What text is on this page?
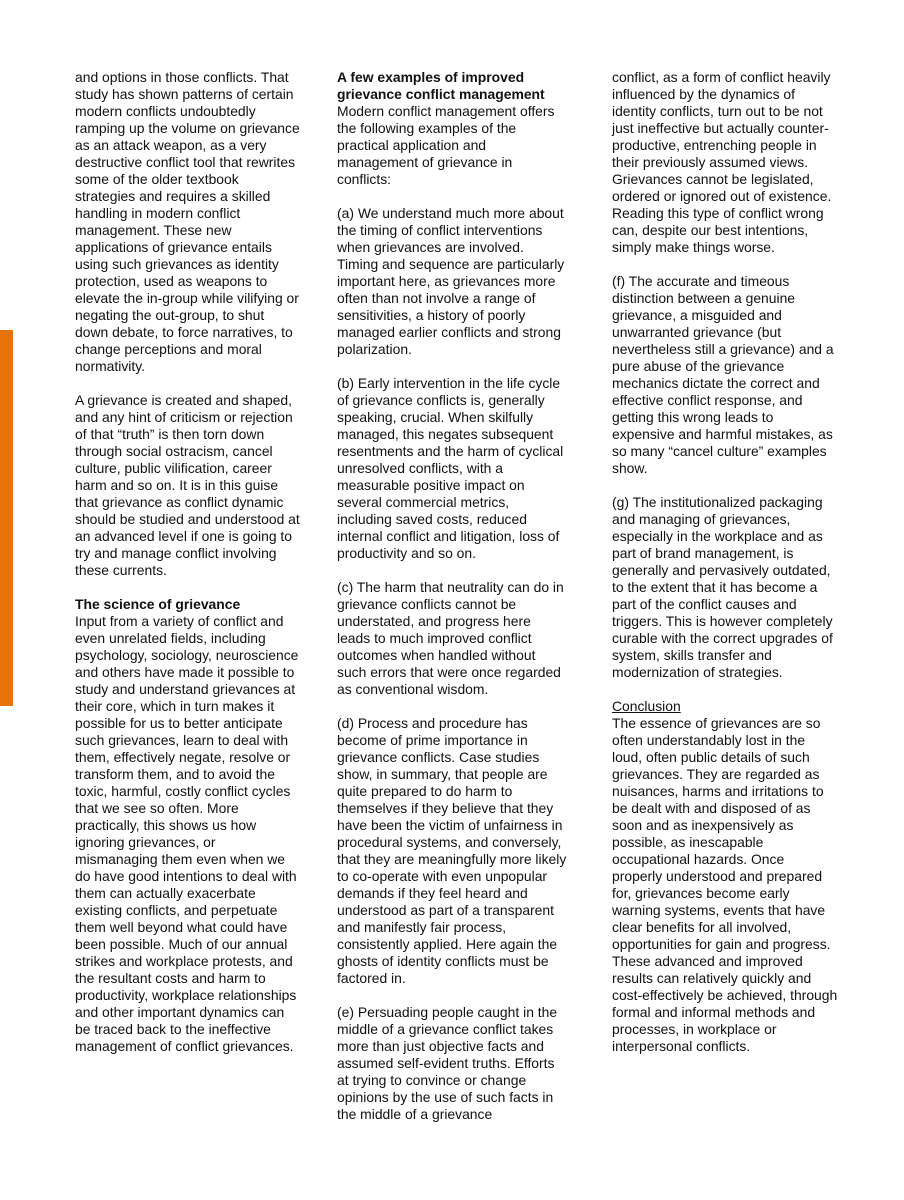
and options in those conflicts. That study has shown patterns of certain modern conflicts undoubtedly ramping up the volume on grievance as an attack weapon, as a very destructive conflict tool that rewrites some of the older textbook strategies and requires a skilled handling in modern conflict management. These new applications of grievance entails using such grievances as identity protection, used as weapons to elevate the in-group while vilifying or negating the out-group, to shut down debate, to force narratives, to change perceptions and moral normativity.

A grievance is created and shaped, and any hint of criticism or rejection of that “truth” is then torn down through social ostracism, cancel culture, public vilification, career harm and so on. It is in this guise that grievance as conflict dynamic should be studied and understood at an advanced level if one is going to try and manage conflict involving these currents.

The science of grievance

Input from a variety of conflict and even unrelated fields, including psychology, sociology, neuroscience and others have made it possible to study and understand grievances at their core, which in turn makes it possible for us to better anticipate such grievances, learn to deal with them, effectively negate, resolve or transform them, and to avoid the toxic, harmful, costly conflict cycles that we see so often. More practically, this shows us how ignoring grievances, or mismanaging them even when we do have good intentions to deal with them can actually exacerbate existing conflicts, and perpetuate them well beyond what could have been possible. Much of our annual strikes and workplace protests, and the resultant costs and harm to productivity, workplace relationships and other important dynamics can be traced back to the ineffective management of conflict grievances.

A few examples of improved grievance conflict management

Modern conflict management offers the following examples of the practical application and management of grievance in conflicts:

(a) We understand much more about the timing of conflict interventions when grievances are involved. Timing and sequence are particularly important here, as grievances more often than not involve a range of sensitivities, a history of poorly managed earlier conflicts and strong polarization.

(b) Early intervention in the life cycle of grievance conflicts is, generally speaking, crucial. When skilfully managed, this negates subsequent resentments and the harm of cyclical unresolved conflicts, with a measurable positive impact on several commercial metrics, including saved costs, reduced internal conflict and litigation, loss of productivity and so on.

(c) The harm that neutrality can do in grievance conflicts cannot be understated, and progress here leads to much improved conflict outcomes when handled without such errors that were once regarded as conventional wisdom.

(d) Process and procedure has become of prime importance in grievance conflicts. Case studies show, in summary, that people are quite prepared to do harm to themselves if they believe that they have been the victim of unfairness in procedural systems, and conversely, that they are meaningfully more likely to co-operate with even unpopular demands if they feel heard and understood as part of a transparent and manifestly fair process, consistently applied. Here again the ghosts of identity conflicts must be factored in.

(e) Persuading people caught in the middle of a grievance conflict takes more than just objective facts and assumed self-evident truths. Efforts at trying to convince or change opinions by the use of such facts in the middle of a grievance

conflict, as a form of conflict heavily influenced by the dynamics of identity conflicts, turn out to be not just ineffective but actually counter-productive, entrenching people in their previously assumed views. Grievances cannot be legislated, ordered or ignored out of existence. Reading this type of conflict wrong can, despite our best intentions, simply make things worse.

(f) The accurate and timeous distinction between a genuine grievance, a misguided and unwarranted grievance (but nevertheless still a grievance) and a pure abuse of the grievance mechanics dictate the correct and effective conflict response, and getting this wrong leads to expensive and harmful mistakes, as so many “cancel culture” examples show.

(g) The institutionalized packaging and managing of grievances, especially in the workplace and as part of brand management, is generally and pervasively outdated, to the extent that it has become a part of the conflict causes and triggers. This is however completely curable with the correct upgrades of system, skills transfer and modernization of strategies.

Conclusion

The essence of grievances are so often understandably lost in the loud, often public details of such grievances. They are regarded as nuisances, harms and irritations to be dealt with and disposed of as soon and as inexpensively as possible, as inescapable occupational hazards. Once properly understood and prepared for, grievances become early warning systems, events that have clear benefits for all involved, opportunities for gain and progress. These advanced and improved results can relatively quickly and cost-effectively be achieved, through formal and informal methods and processes, in workplace or interpersonal conflicts.
